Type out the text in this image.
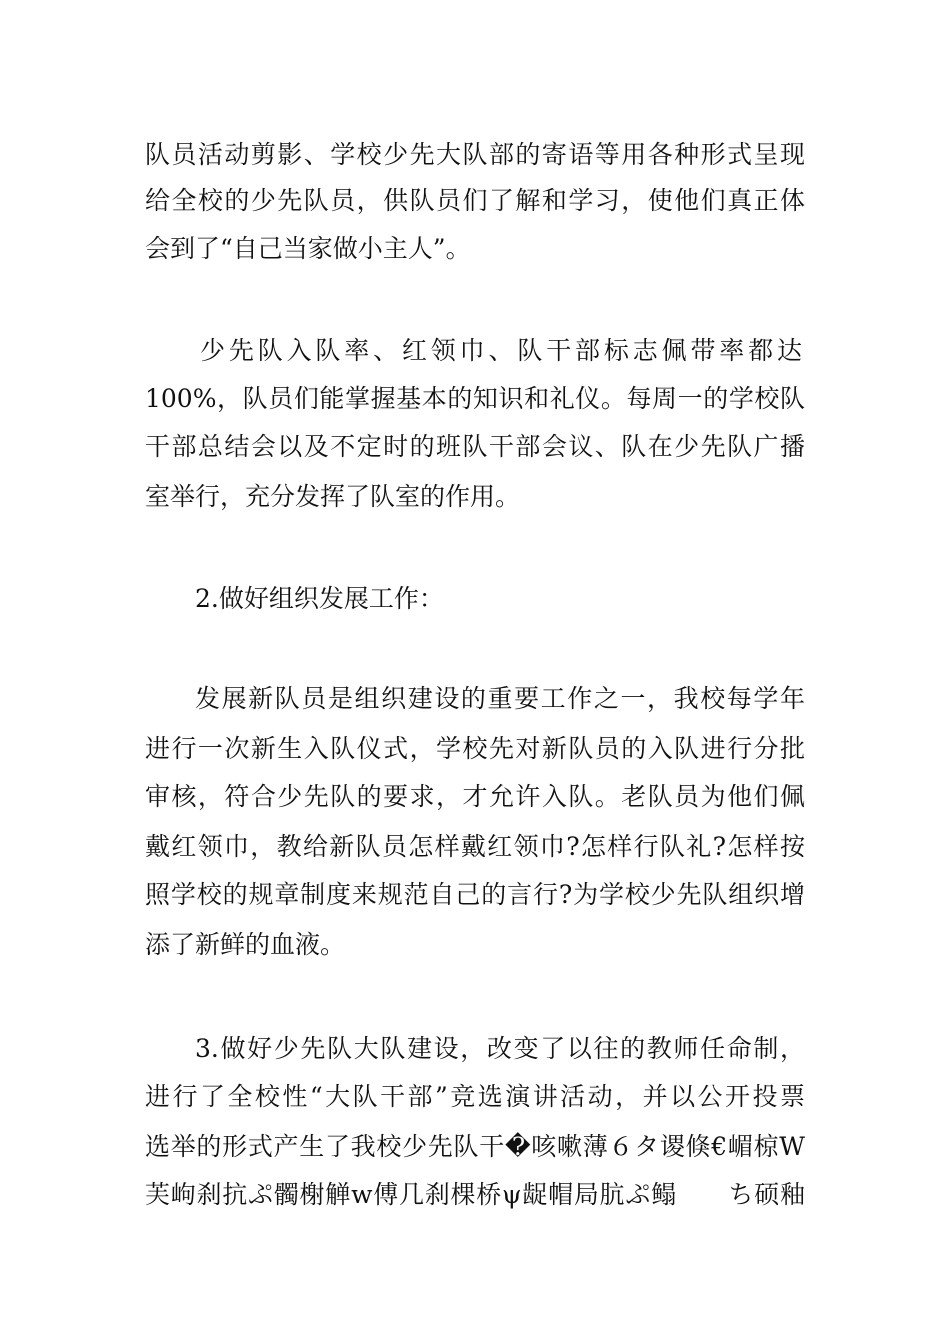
队员活动剪影、学校少先大队部的寄语等用各种形式呈现
给全校的少先队员，供队员们了解和学习，使他们真正体
会到了“自己当家做小主人”。
少先队入队率、红领巾、队干部标志佩带率都达
100%，队员们能掌握基本的知识和礼仪。每周一的学校队
干部总结会以及不定时的班队干部会议、队在少先队广播
室举行，充分发挥了队室的作用。
2.做好组织发展工作：
发展新队员是组织建设的重要工作之一，我校每学年
进行一次新生入队仪式，学校先对新队员的入队进行分批
审核，符合少先队的要求，才允许入队。老队员为他们佩
戴红领巾，教给新队员怎样戴红领巾?怎样行队礼?怎样按
照学校的规章制度来规范自己的言行?为学校少先队组织增
添了新鲜的血液。
3.做好少先队大队建设，改变了以往的教师任命制，
进行了全校性“大队干部”竞选演讲活动，并以公开投票
选举的形式产生了我校少先队干�咳嗽薄６タ谡倏€嵋椋W
芙岣刹抗ぷ髑榭觯w傅几刹棵桥ψ龊帽局肮ぷ鳎　　ち硕釉
